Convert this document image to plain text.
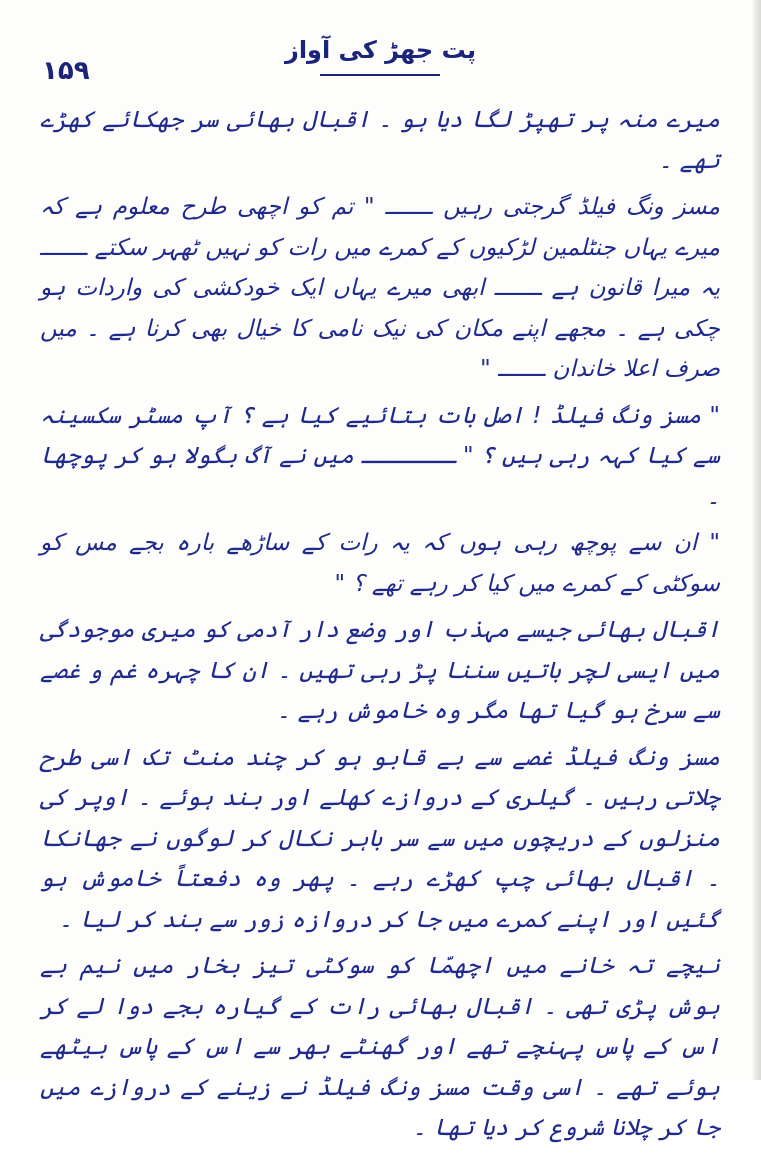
١۵٩
پت جھڑ کی آواز

میرے منہ پر تھپڑ لگا دیا ہو ۔ اقبال بھائی سر جھکائے کھڑے تھے ۔

مسز ونگ فیلڈ گرجتی رہیں ـــــــ " تم کو اچھی طرح معلوم ہے کہ میرے یہاں جنٹلمین لڑکیوں کے کمرے میں رات کو نہیں ٹھہر سکتے ـــــــ یہ میرا قانون ہے ـــــــ ابھی میرے یہاں ایک خودکشی کی واردات ہو چکی ہے ۔ مجھے اپنے مکان کی نیک نامی کا خیال بھی کرنا ہے ۔ میں صرف اعلا خاندان ـــــــ "

" مسز ونگ فیلڈ ! اصل بات بتائیے کیا ہے ؟ آپ مسٹر سکسینہ سے کیا کہہ رہی ہیں ؟ " ـــــــ میں نے آگ بگولا ہو کر پوچھا ۔

" ان سے پوچھ رہی ہوں کہ یہ رات کے ساڑھے بارہ بجے مس کو سوکٹی کے کمرے میں کیا کر رہے تھے ؟ "

اقبال بھائی جیسے مہذب اور وضع دار آدمی کو میری موجودگی میں ایسی لچر باتیں سننا پڑ رہی تھیں ۔ ان کا چہرہ غم و غصے سے سرخ ہو گیا تھا مگر وہ خاموش رہے ۔

مسز ونگ فیلڈ غصے سے بے قابو ہو کر چند منٹ تک اسی طرح چلاتی رہیں ۔ گیلری کے دروازے کھلے اور بند ہوئے ۔ اوپر کی منزلوں کے دریچوں میں سے سر باہر نکال کر لوگوں نے جھانکا ۔ اقبال بھائی چپ کھڑے رہے ۔ پھر وہ دفعتاً خاموش ہو گئیں اور اپنے کمرے میں جا کر دروازہ زور سے بند کر لیا ۔

نیچے تہ خانے میں اچھمّا کو سوکٹی تیز بخار میں نیم بے ہوش پڑی تھی ۔ اقبال بھائی رات کے گیارہ بجے دوا لے کر اس کے پاس پہنچے تھے اور گھنٹے بھر سے اس کے پاس بیٹھے ہوئے تھے ۔ اسی وقت مسز ونگ فیلڈ نے زینے کے دروازے میں جا کر چلانا شروع کر دیا تھا ۔
